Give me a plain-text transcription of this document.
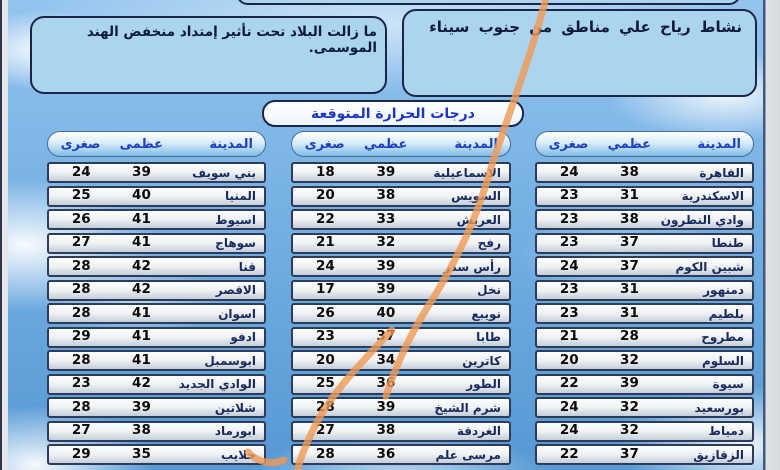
نشاط رياح علي مناطق من جنوب سيناء
ما زالت البلاد تحت تأثير إمتداد منخفض الهند الموسمى.
درجات الحرارة المتوقعة
صغرى	عظمي	المدينة
24	38	القاهرة
23	31	الاسكندرية
23	38	وادي النطرون
23	37	طنطا
24	37	شبين الكوم
23	31	دمنهور
23	31	بلطيم
21	28	مطروح
20	32	السلوم
22	39	سيوة
24	32	بورسعيد
24	32	دمياط
22	37	الزقازيق
صغرى	عظمي	المدينة
18	39	الاسماعيلية
20	38	السويس
22	33	العريش
21	32	رفح
24	39	رأس سدر
17	39	نخل
26	40	نويبع
23	37	طابا
20	34	كاترين
25	36	الطور
28	39	شرم الشيخ
27	38	الغردقة
28	36	مرسى علم
صغرى	عظمى	المدينة
24	39	بني سويف
25	40	المنيا
26	41	اسيوط
27	41	سوهاج
28	42	قنا
28	42	الاقصر
28	41	اسوان
29	41	ادفو
28	41	ابوسمبل
23	42	الوادي الجديد
28	39	شلاتين
27	38	ابورماد
29	35	حلايب
